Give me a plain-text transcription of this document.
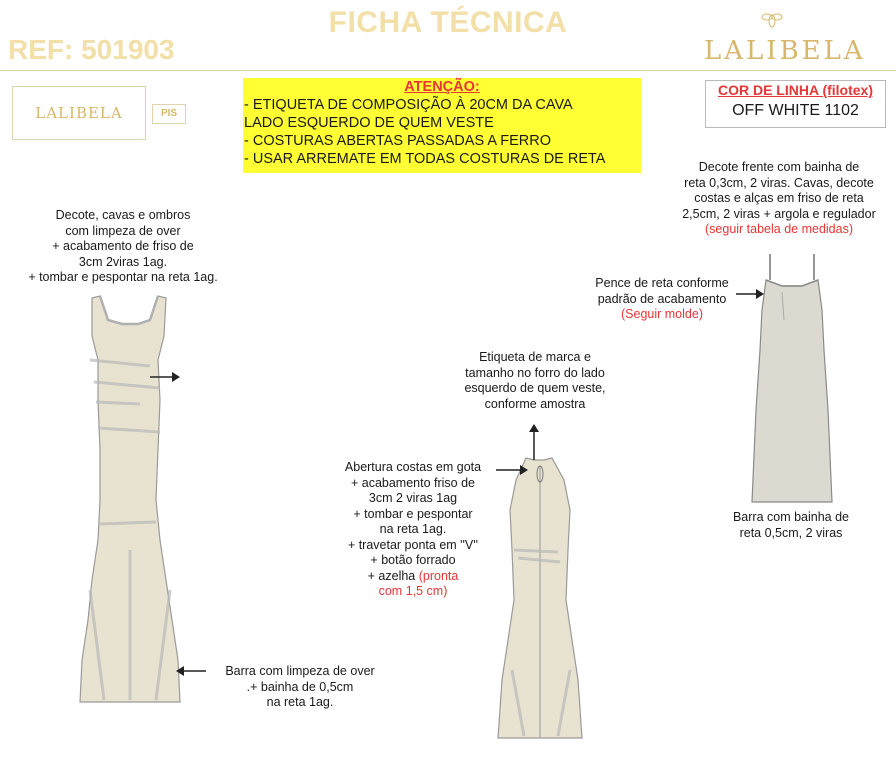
FICHA TÉCNICA
REF: 501903	LALIBELA
LALIBELA	PIS
ATENÇÃO:
- ETIQUETA DE COMPOSIÇÃO À 20CM DA CAVA
LADO ESQUERDO DE QUEM VESTE
- COSTURAS ABERTAS PASSADAS A FERRO
- USAR ARREMATE EM TODAS COSTURAS DE RETA
COR DE LINHA (filotex)
OFF WHITE 1102
Decote, cavas e ombros
com limpeza de over
+ acabamento de friso de
3cm 2viras 1ag.
+ tombar e pespontar na reta 1ag.
Barra com limpeza de over
.+ bainha de 0,5cm
na reta 1ag.
Etiqueta de marca e
tamanho no forro do lado
esquerdo de quem veste,
conforme amostra
Abertura costas em gota
+ acabamento friso de
3cm 2 viras 1ag
+ tombar e pespontar
na reta 1ag.
+ travetar ponta em ''V''
+ botão forrado
+ azelha (pronta
com 1,5 cm)
Decote frente com bainha de
reta 0,3cm, 2 viras. Cavas, decote
costas e alças em friso de reta
2,5cm, 2 viras + argola e regulador
(seguir tabela de medidas)
Pence de reta conforme
padrão de acabamento
(Seguir molde)
Barra com bainha de
reta 0,5cm, 2 viras
